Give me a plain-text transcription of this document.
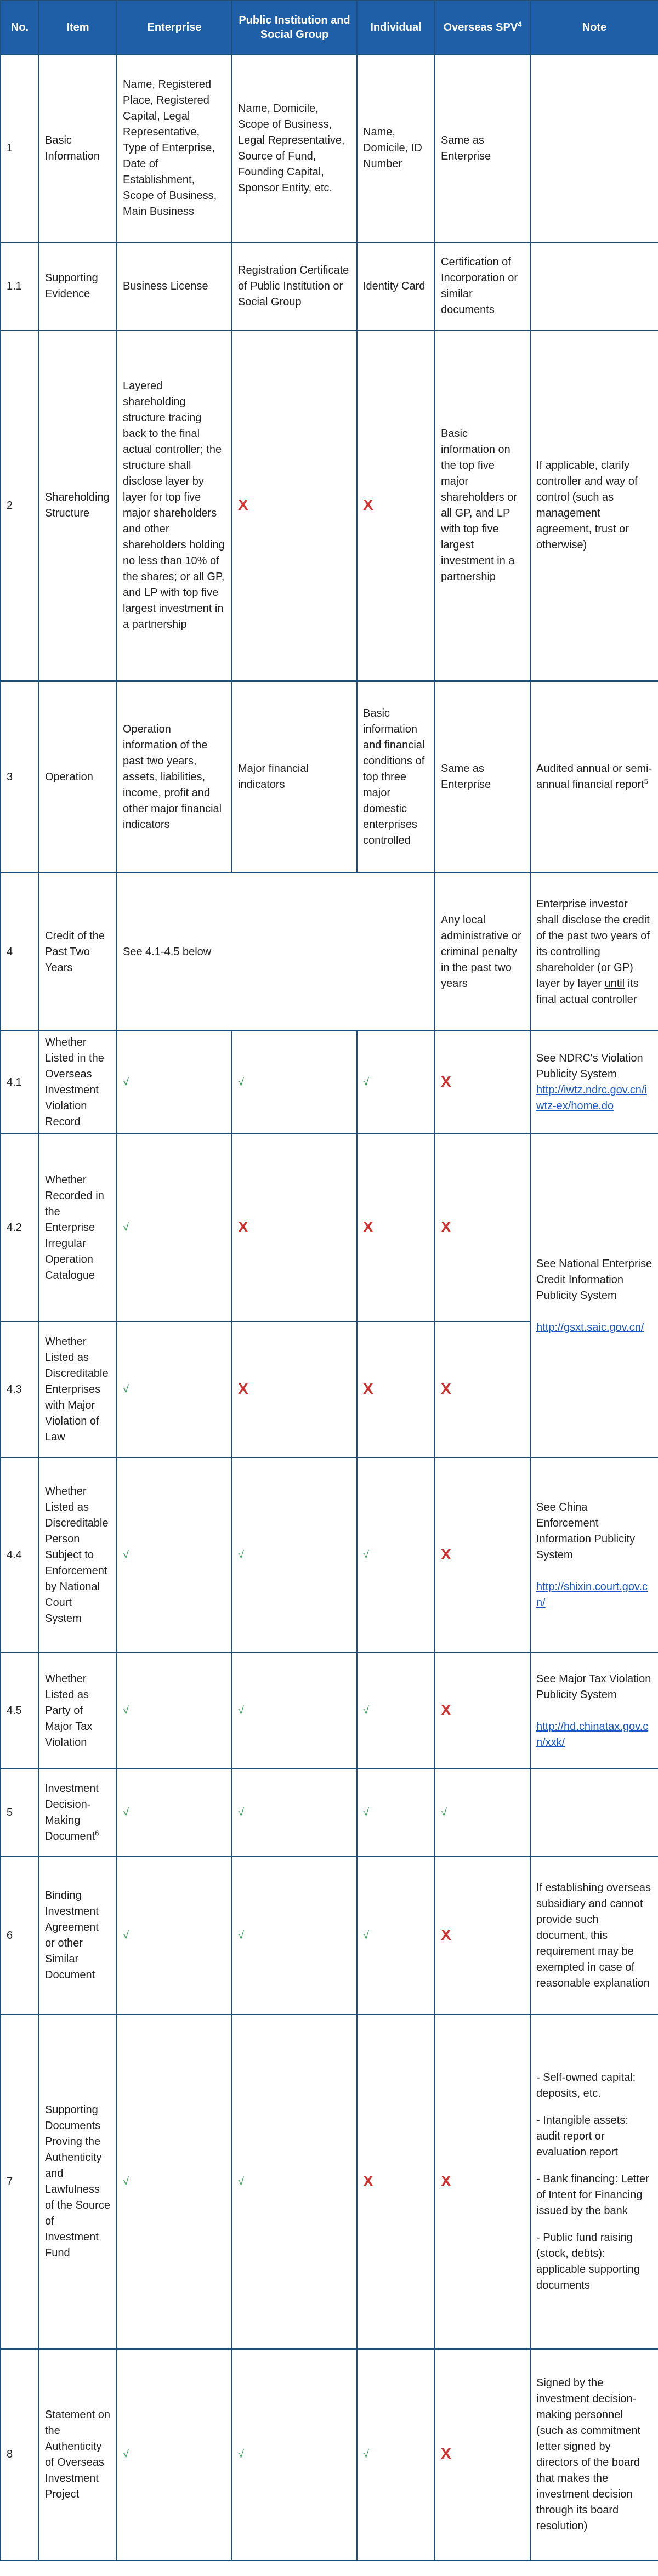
No.	Item	Enterprise	Public Institution and Social Group	Individual	Overseas SPV$^4$	Note
1	Basic Information	Name, Registered Place, Registered Capital, Legal Representative, Type of Enterprise, Date of Establishment, Scope of Business, Main Business	Name, Domicile, Scope of Business, Legal Representative, Source of Fund, Founding Capital, Sponsor Entity, etc.	Name, Domicile, ID Number	Same as Enterprise	
1.1	Supporting Evidence	Business License	Registration Certificate of Public Institution or Social Group	Identity Card	Certification of Incorporation or similar documents	
2	Shareholding Structure	Layered shareholding structure tracing back to the final actual controller; the structure shall disclose layer by layer for top five major shareholders and other shareholders holding no less than 10% of the shares; or all GP, and LP with top five largest investment in a partnership	X	X	Basic information on the top five major shareholders or all GP, and LP with top five largest investment in a partnership	If applicable, clarify controller and way of control (such as management agreement, trust or otherwise)
3	Operation	Operation information of the past two years, assets, liabilities, income, profit and other major financial indicators	Major financial indicators	Basic information and financial conditions of top three major domestic enterprises controlled	Same as Enterprise	Audited annual or semi-annual financial report$^5$
4	Credit of the Past Two Years	See 4.1-4.5 below			Any local administrative or criminal penalty in the past two years	Enterprise investor shall disclose the credit of the past two years of its controlling shareholder (or GP) layer by layer until its final actual controller
4.1	Whether Listed in the Overseas Investment Violation Record	√	√	√	X	See NDRC's Violation Publicity System
http://iwtz.ndrc.gov.cn/iwtz-ex/home.do
4.2	Whether Recorded in the Enterprise Irregular Operation Catalogue	√	X	X	X	See National Enterprise Credit Information Publicity System

http://gsxt.saic.gov.cn/
4.3	Whether Listed as Discreditable Enterprises with Major Violation of Law	√	X	X	X	
4.4	Whether Listed as Discreditable Person Subject to Enforcement by National Court System	√	√	√	X	See China Enforcement Information Publicity System

http://shixin.court.gov.cn/
4.5	Whether Listed as Party of Major Tax Violation	√	√	√	X	See Major Tax Violation Publicity System

http://hd.chinatax.gov.cn/xxk/
5	Investment Decision-Making Document$^6$	√	√	√	√	
6	Binding Investment Agreement or other Similar Document	√	√	√	X	If establishing overseas subsidiary and cannot provide such document, this requirement may be exempted in case of reasonable explanation
7	Supporting Documents Proving the Authenticity and Lawfulness of the Source of Investment Fund	√	√	X	X	- Self-owned capital: deposits, etc.
- Intangible assets: audit report or evaluation report
- Bank financing: Letter of Intent for Financing issued by the bank
- Public fund raising (stock, debts): applicable supporting documents

8	Statement on the Authenticity of Overseas Investment Project	√	√	√	X	Signed by the investment decision-making personnel (such as commitment letter signed by directors of the board that makes the investment decision through its board resolution)
